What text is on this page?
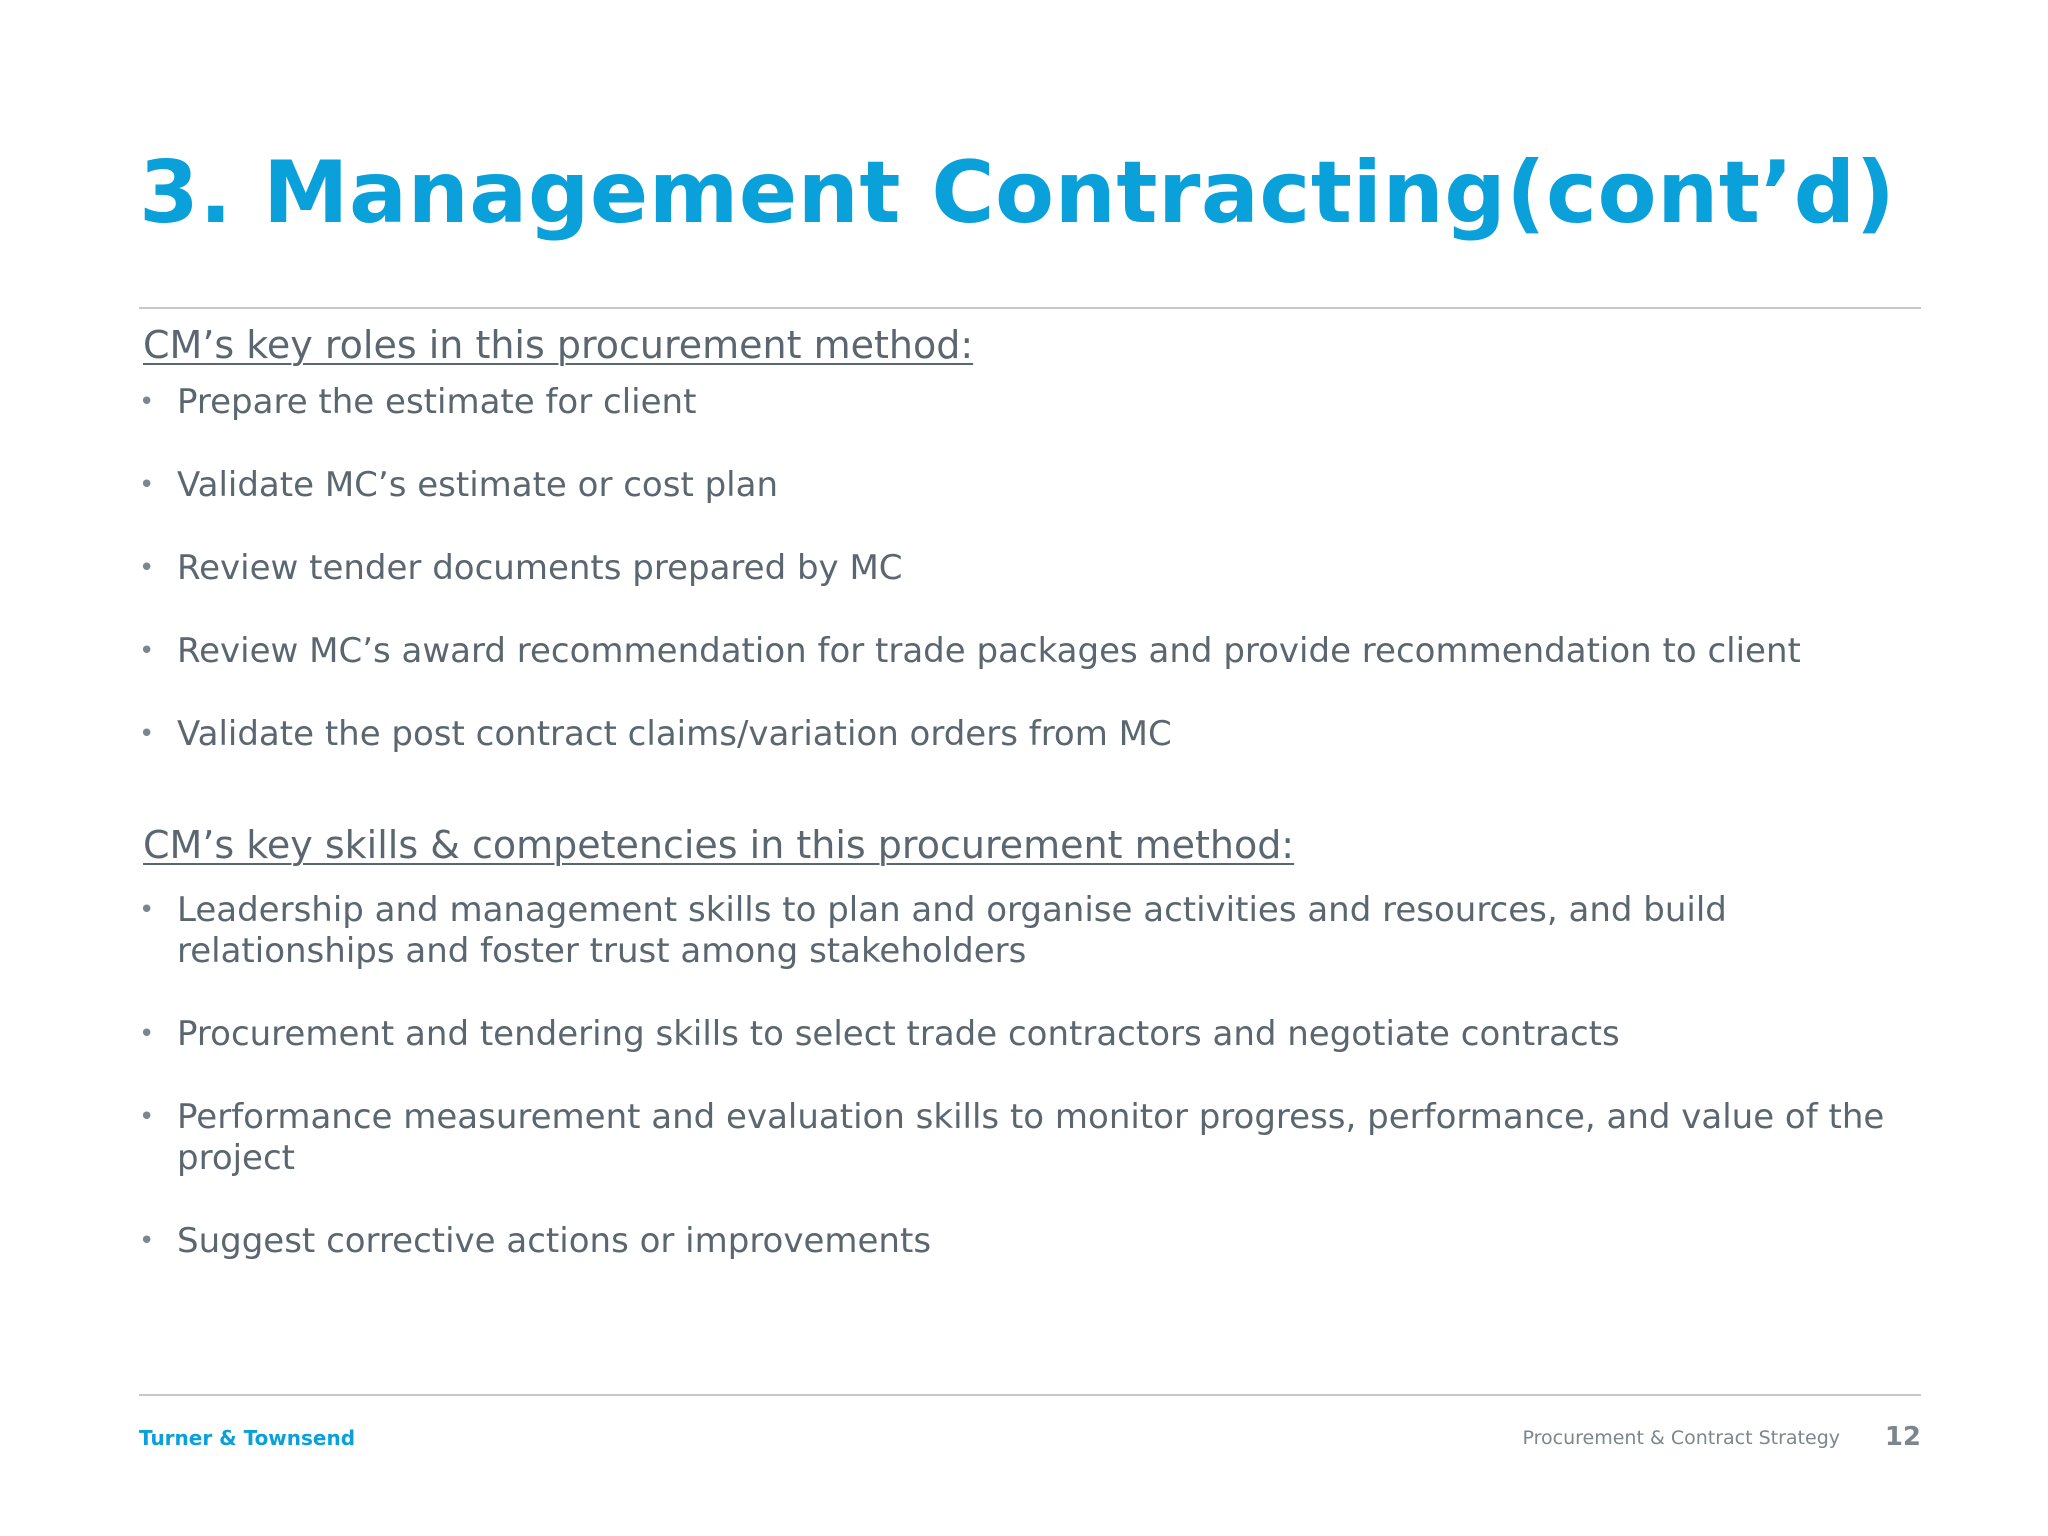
3. Management Contracting(cont’d)
CM’s key roles in this procurement method:
• Prepare the estimate for client
• Validate MC’s estimate or cost plan
• Review tender documents prepared by MC
• Review MC’s award recommendation for trade packages and provide recommendation to client
• Validate the post contract claims/variation orders from MC
CM’s key skills & competencies in this procurement method:
• Leadership and management skills to plan and organise activities and resources, and build relationships and foster trust among stakeholders
• Procurement and tendering skills to select trade contractors and negotiate contracts
• Performance measurement and evaluation skills to monitor progress, performance, and value of the project
• Suggest corrective actions or improvements
Turner & Townsend	Procurement & Contract Strategy 12
